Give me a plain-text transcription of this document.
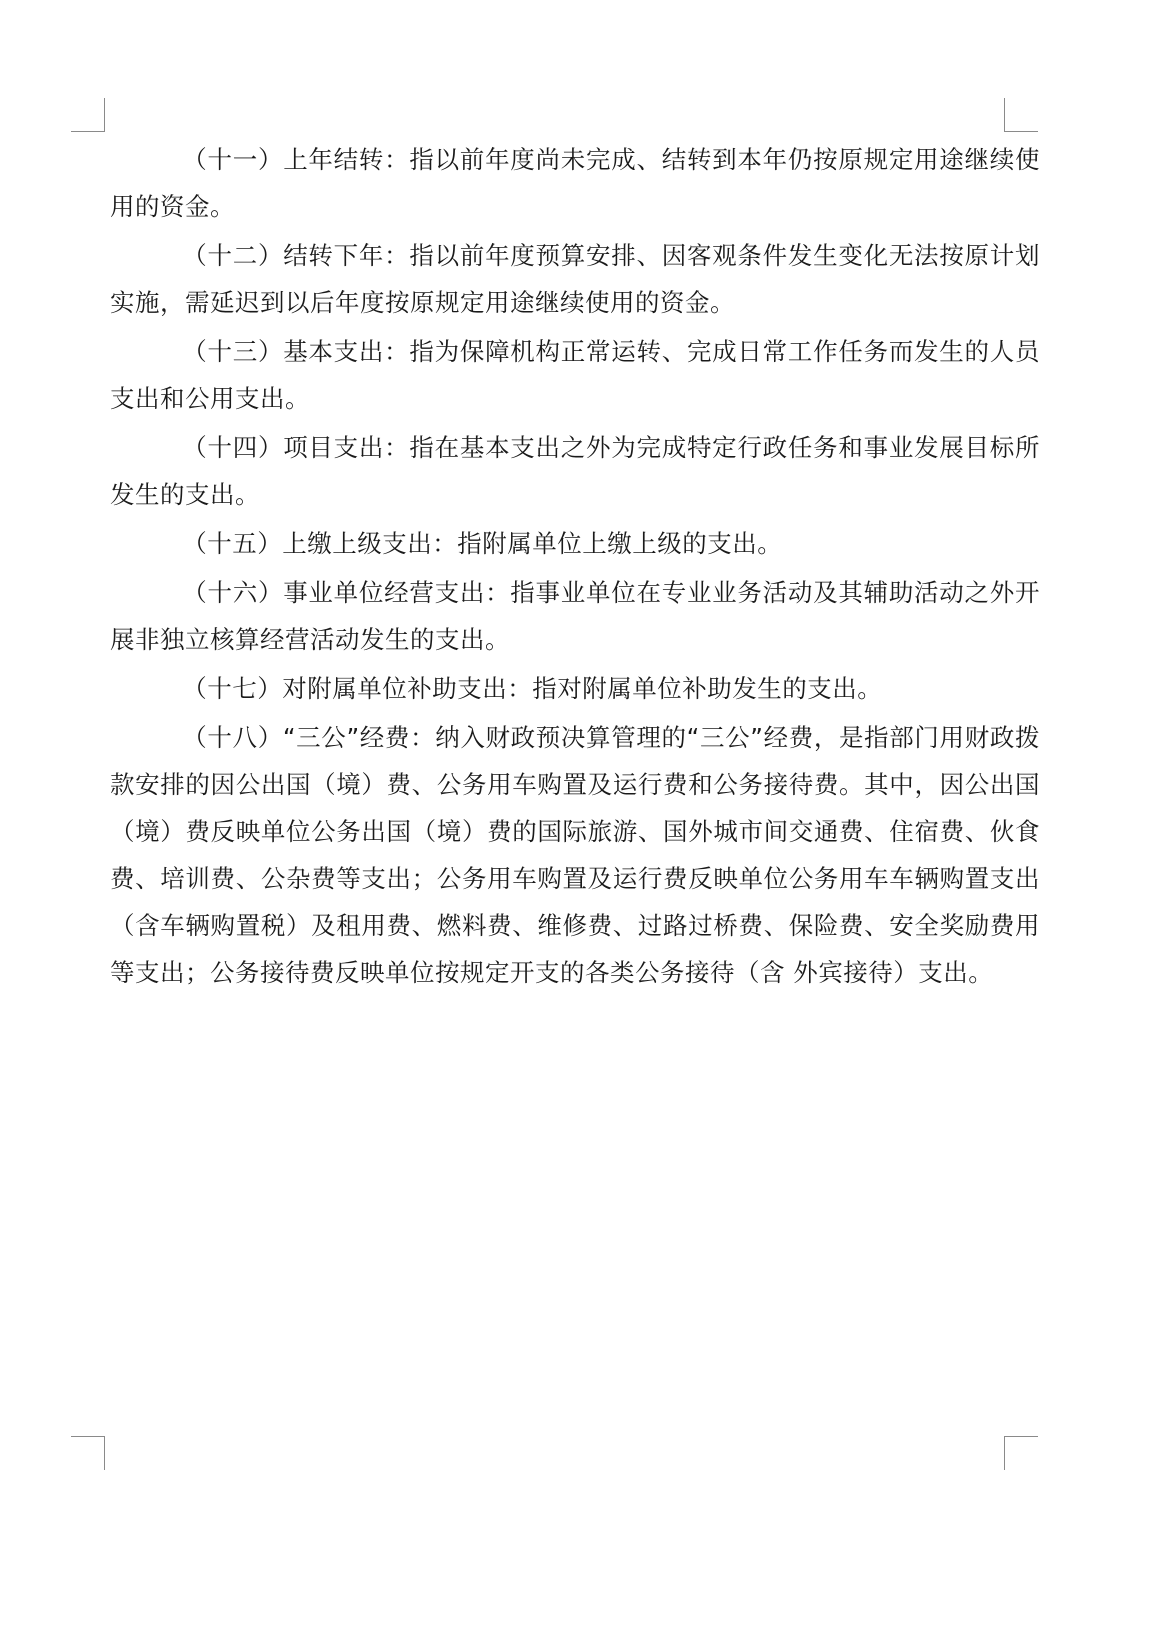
（十一）上年结转：指以前年度尚未完成、结转到本年仍按原规定用途继续使用的资金。

（十二）结转下年：指以前年度预算安排、因客观条件发生变化无法按原计划实施，需延迟到以后年度按原规定用途继续使用的资金。

（十三）基本支出：指为保障机构正常运转、完成日常工作任务而发生的人员支出和公用支出。

（十四）项目支出：指在基本支出之外为完成特定行政任务和事业发展目标所发生的支出。

（十五）上缴上级支出：指附属单位上缴上级的支出。

（十六）事业单位经营支出：指事业单位在专业业务活动及其辅助活动之外开展非独立核算经营活动发生的支出。

（十七）对附属单位补助支出：指对附属单位补助发生的支出。

（十八）“三公”经费：纳入财政预决算管理的“三公”经费，是指部门用财政拨款安排的因公出国（境）费、公务用车购置及运行费和公务接待费。其中，因公出国（境）费反映单位公务出国（境）费的国际旅游、国外城市间交通费、住宿费、伙食费、培训费、公杂费等支出；公务用车购置及运行费反映单位公务用车车辆购置支出（含车辆购置税）及租用费、燃料费、维修费、过路过桥费、保险费、安全奖励费用等支出；公务接待费反映单位按规定开支的各类公务接待（含 外宾接待）支出。
